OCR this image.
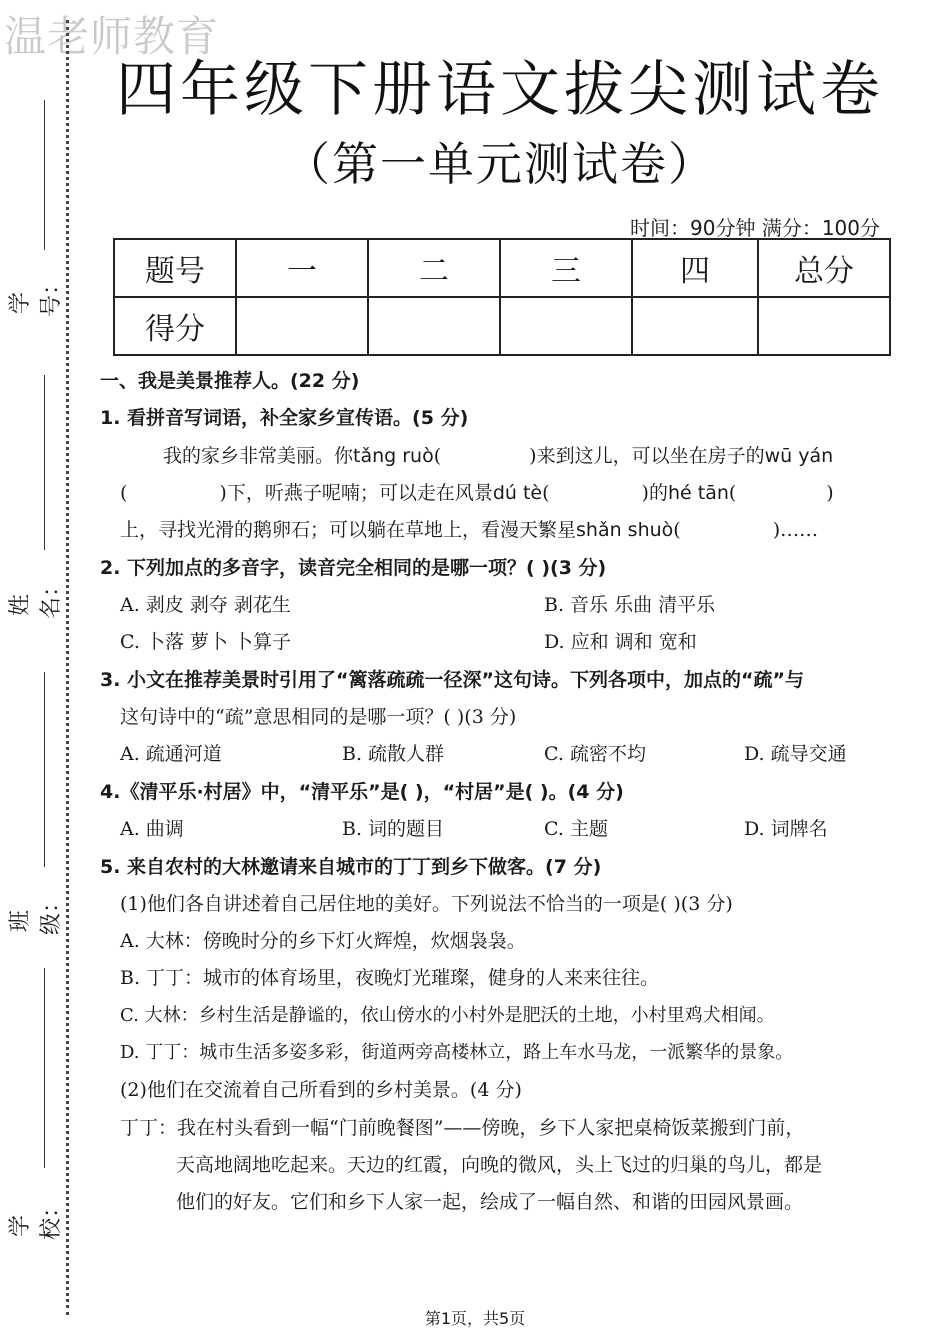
温老师教育
学号：
姓名：
班级：
学校：
四年级下册语文拔尖测试卷
（第一单元测试卷）
时间：90分钟 满分：100分
题号	一	二	三	四	总分
得分					
一、我是美景推荐人。(22 分)
1. 看拼音写词语，补全家乡宣传语。(5 分)
我的家乡非常美丽。你tǎng ruò(	)来到这儿，可以坐在房子的wū yán
(	)下，听燕子呢喃；可以走在风景dú tè(	)的hé tān(	)
上，寻找光滑的鹅卵石；可以躺在草地上，看漫天繁星shǎn shuò(	)……
2. 下列加点的多音字，读音完全相同的是哪一项？( )(3 分)
A. 剥皮 剥夺 剥花生	B. 音乐 乐曲 清平乐
C. 卜落 萝卜 卜算子	D. 应和 调和 宽和
3. 小文在推荐美景时引用了“篱落疏疏一径深”这句诗。下列各项中，加点的“疏”与
这句诗中的“疏”意思相同的是哪一项？( )(3 分)
A. 疏通河道	B. 疏散人群	C. 疏密不均	D. 疏导交通
4.《清平乐·村居》中，“清平乐”是( )，“村居”是( )。(4 分)
A. 曲调	B. 词的题目	C. 主题	D. 词牌名
5. 来自农村的大林邀请来自城市的丁丁到乡下做客。(7 分)
(1)他们各自讲述着自己居住地的美好。下列说法不恰当的一项是( )(3 分)
A. 大林：傍晚时分的乡下灯火辉煌，炊烟袅袅。
B. 丁丁：城市的体育场里，夜晚灯光璀璨，健身的人来来往往。
C. 大林：乡村生活是静谧的，依山傍水的小村外是肥沃的土地，小村里鸡犬相闻。
D. 丁丁：城市生活多姿多彩，街道两旁高楼林立，路上车水马龙，一派繁华的景象。
(2)他们在交流着自己所看到的乡村美景。(4 分)
丁丁：我在村头看到一幅“门前晚餐图”——傍晚，乡下人家把桌椅饭菜搬到门前，
天高地阔地吃起来。天边的红霞，向晚的微风，头上飞过的归巢的鸟儿，都是
他们的好友。它们和乡下人家一起，绘成了一幅自然、和谐的田园风景画。
第1页，共5页
